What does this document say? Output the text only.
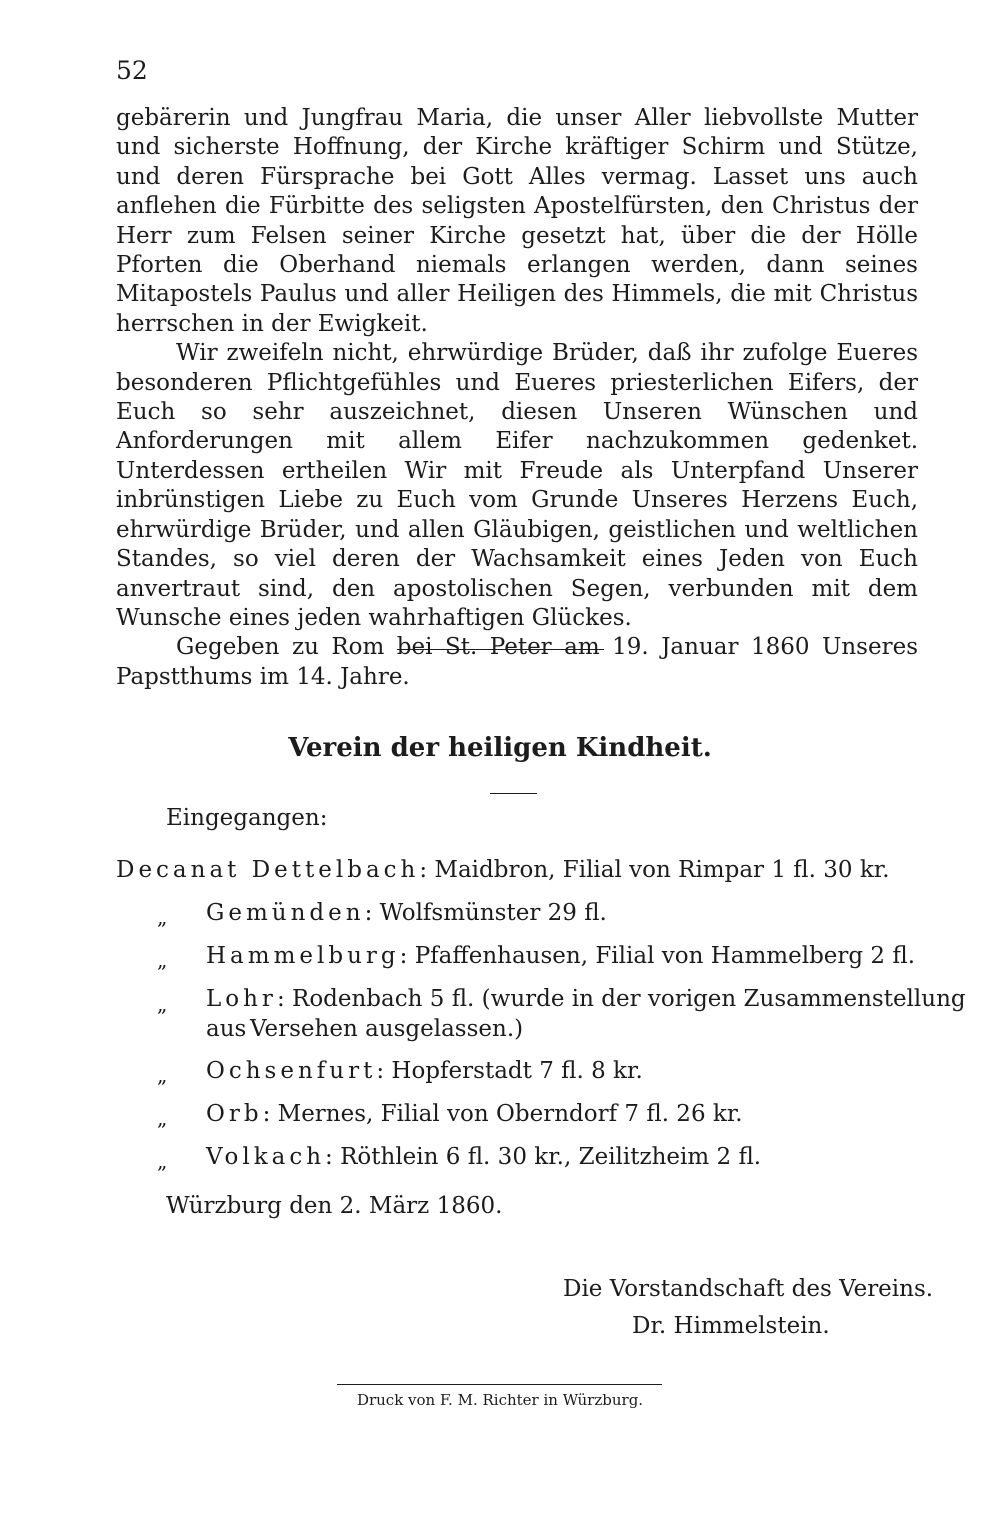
52

gebärerin und Jungfrau Maria, die unser Aller liebvollste Mutter und sicherste Hoffnung, der Kirche kräftiger Schirm und Stütze, und deren Fürsprache bei Gott Alles vermag. Lasset uns auch anflehen die Fürbitte des seligsten Apostelfürsten, den Christus der Herr zum Felsen seiner Kirche gesetzt hat, über die der Hölle Pforten die Oberhand niemals erlangen werden, dann seines Mitapostels Paulus und aller Heiligen des Himmels, die mit Christus herrschen in der Ewigkeit.

Wir zweifeln nicht, ehrwürdige Brüder, daß ihr zufolge Eueres besonderen Pflichtgefühles und Eueres priesterlichen Eifers, der Euch so sehr auszeichnet, diesen Unseren Wünschen und Anforderungen mit allem Eifer nachzukommen gedenket. Unterdessen ertheilen Wir mit Freude als Unterpfand Unserer inbrünstigen Liebe zu Euch vom Grunde Unseres Herzens Euch, ehrwürdige Brüder, und allen Gläubigen, geistlichen und weltlichen Standes, so viel deren der Wachsamkeit eines Jeden von Euch anvertraut sind, den apostolischen Segen, verbunden mit dem Wunsche eines jeden wahrhaftigen Glückes.

Gegeben zu Rom bei St. Peter am 19. Januar 1860 Unseres Papstthums im 14. Jahre.

Verein der heiligen Kindheit.
Eingegangen:
Decanat Dettelbach: Maidbron, Filial von Rimpar 1 fl. 30 kr.
„ Gemünden: Wolfsmünster 29 fl.
„ Hammelburg: Pfaffenhausen, Filial von Hammelberg 2 fl.
„ Lohr: Rodenbach 5 fl. (wurde in der vorigen Zusammenstellung aus Versehen ausgelassen.)
„ Ochsenfurt: Hopferstadt 7 fl. 8 kr.
„ Orb: Mernes, Filial von Oberndorf 7 fl. 26 kr.
„ Volkach: Röthlein 6 fl. 30 kr., Zeilitzheim 2 fl.
Würzburg den 2. März 1860.
Die Vorstandschaft des Vereins.
Dr. Himmelstein.
Druck von F. M. Richter in Würzburg.
